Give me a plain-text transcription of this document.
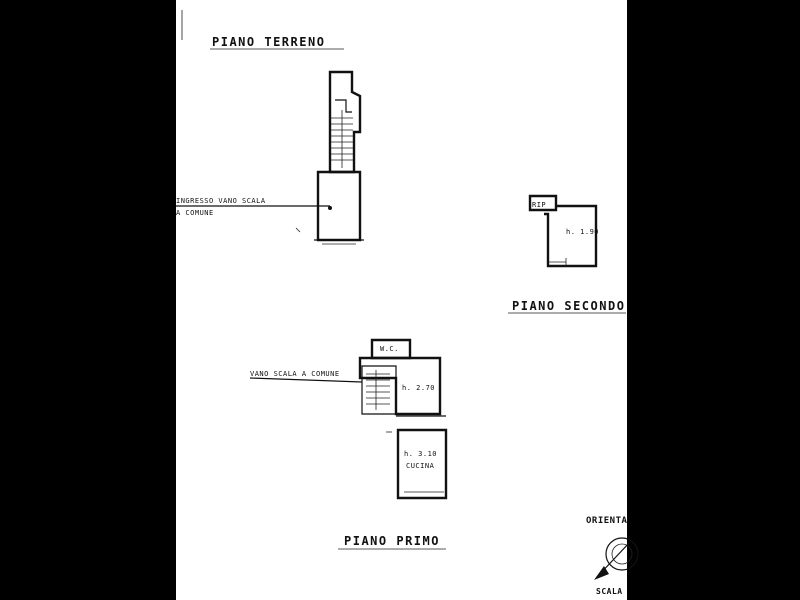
PIANO TERRENO
INGRESSO VANO SCALA
A COMUNE
RIP
h. 1.90
PIANO SECONDO
VANO SCALA A COMUNE
W.C.
h. 2.70
h. 3.10
CUCINA
PIANO PRIMO
ORIENTA
SCALA
